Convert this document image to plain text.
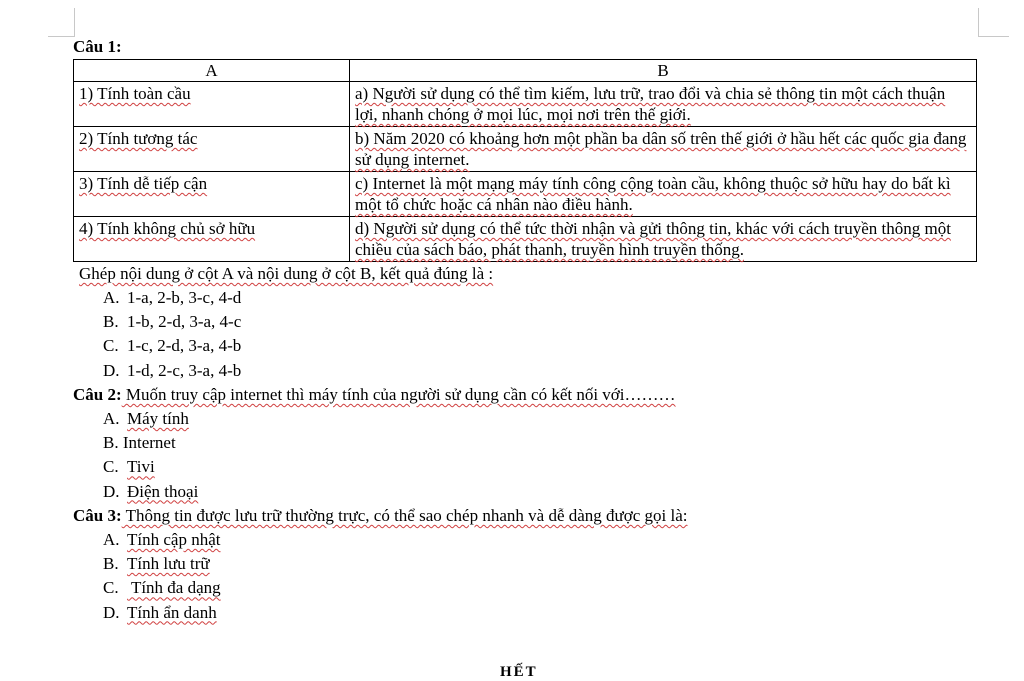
Câu 1:
A	B
1) Tính toàn cầu	a) Người sử dụng có thể tìm kiếm, lưu trữ, trao đổi và chia sẻ thông tin một cách thuận lợi, nhanh chóng ở mọi lúc, mọi nơi trên thế giới.
2) Tính tương tác	b) Năm 2020 có khoảng hơn một phần ba dân số trên thế giới ở hầu hết các quốc gia đang sử dụng internet.
3) Tính dễ tiếp cận	c) Internet là một mạng máy tính công cộng toàn cầu, không thuộc sở hữu hay do bất kì một tổ chức hoặc cá nhân nào điều hành.
4) Tính không chủ sở hữu	d) Người sử dụng có thể tức thời nhận và gửi thông tin, khác với cách truyền thông một chiều của sách báo, phát thanh, truyền hình truyền thống.
Ghép nội dung ở cột A và nội dung ở cột B, kết quả đúng là :
A. 1-a, 2-b, 3-c, 4-d
B. 1-b, 2-d, 3-a, 4-c
C. 1-c, 2-d, 3-a, 4-b
D. 1-d, 2-c, 3-a, 4-b
Câu 2: Muốn truy cập internet thì máy tính của người sử dụng cần có kết nối với………
A. Máy tính
B. Internet
C. Tivi
D. Điện thoại
Câu 3: Thông tin được lưu trữ thường trực, có thể sao chép nhanh và dễ dàng được gọi là:
A. Tính cập nhật
B. Tính lưu trữ
C. Tính đa dạng
D. Tính ẩn danh
HẾT
